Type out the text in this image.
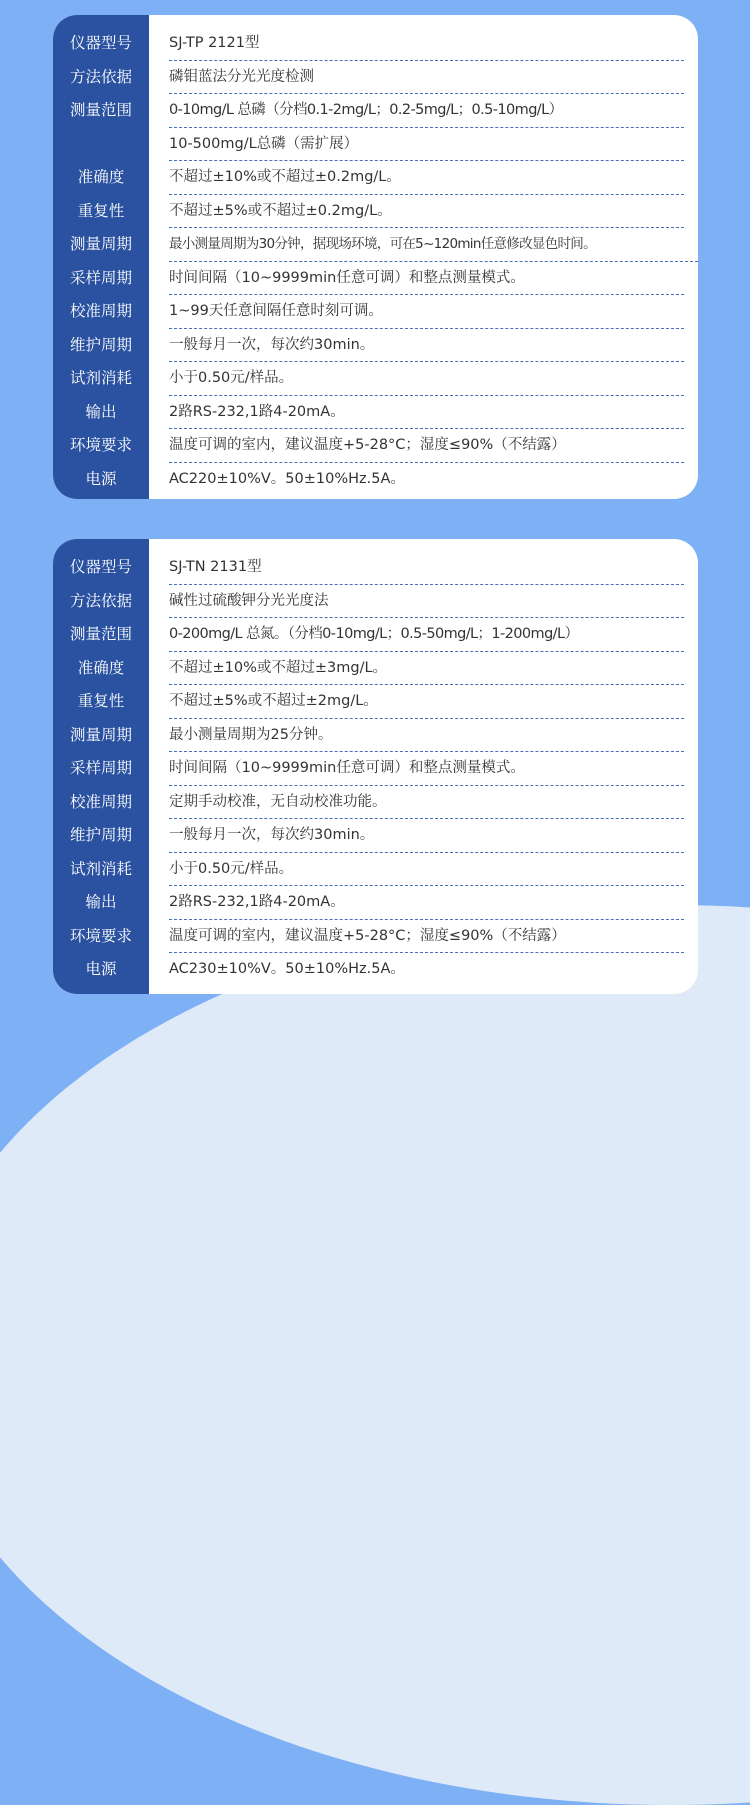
仪器型号
方法依据
测量范围
准确度
重复性
测量周期
采样周期
校准周期
维护周期
试剂消耗
输出
环境要求
电源
SJ-TP 2121型
磷钼蓝法分光光度检测
0-10mg/L 总磷（分档0.1-2mg/L；0.2-5mg/L；0.5-10mg/L）
10-500mg/L总磷（需扩展）
不超过±10%或不超过±0.2mg/L。
不超过±5%或不超过±0.2mg/L。
最小测量周期为30分钟，据现场环境，可在5~120min任意修改显色时间。
时间间隔（10~9999min任意可调）和整点测量模式。
1~99天任意间隔任意时刻可调。
一般每月一次，每次约30min。
小于0.50元/样品。
2路RS-232,1路4-20mA。
温度可调的室内，建议温度+5-28°C；湿度≤90%（不结露）
AC220±10%V。50±10%Hz.5A。
仪器型号
方法依据
测量范围
准确度
重复性
测量周期
采样周期
校准周期
维护周期
试剂消耗
输出
环境要求
电源
SJ-TN 2131型
碱性过硫酸钾分光光度法
0-200mg/L 总氮。（分档0-10mg/L；0.5-50mg/L；1-200mg/L）
不超过±10%或不超过±3mg/L。
不超过±5%或不超过±2mg/L。
最小测量周期为25分钟。
时间间隔（10~9999min任意可调）和整点测量模式。
定期手动校准，无自动校准功能。
一般每月一次，每次约30min。
小于0.50元/样品。
2路RS-232,1路4-20mA。
温度可调的室内，建议温度+5-28°C；湿度≤90%（不结露）
AC230±10%V。50±10%Hz.5A。
